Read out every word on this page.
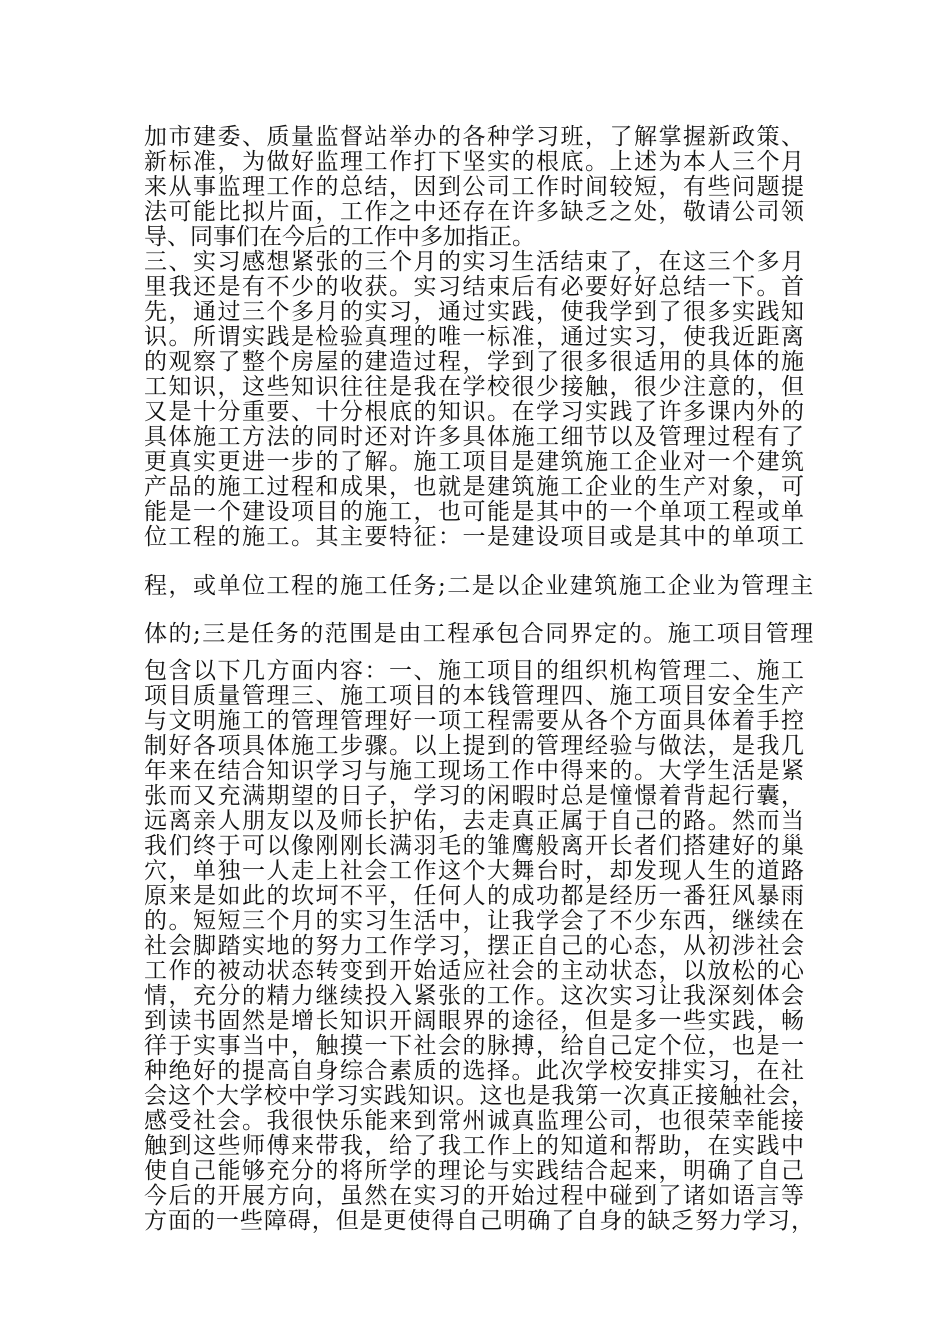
加市建委、质量监督站举办的各种学习班，了解掌握新政策、
新标准，为做好监理工作打下坚实的根底。上述为本人三个月
来从事监理工作的总结，因到公司工作时间较短，有些问题提
法可能比拟片面，工作之中还存在许多缺乏之处，敬请公司领
导、同事们在今后的工作中多加指正。
三、实习感想紧张的三个月的实习生活结束了，在这三个多月
里我还是有不少的收获。实习结束后有必要好好总结一下。首
先，通过三个多月的实习，通过实践，使我学到了很多实践知
识。所谓实践是检验真理的唯一标准，通过实习，使我近距离
的观察了整个房屋的建造过程，学到了很多很适用的具体的施
工知识，这些知识往往是我在学校很少接触，很少注意的，但
又是十分重要、十分根底的知识。在学习实践了许多课内外的
具体施工方法的同时还对许多具体施工细节以及管理过程有了
更真实更进一步的了解。施工项目是建筑施工企业对一个建筑
产品的施工过程和成果，也就是建筑施工企业的生产对象，可
能是一个建设项目的施工，也可能是其中的一个单项工程或单
位工程的施工。其主要特征：一是建设项目或是其中的单项工
程，或单位工程的施工任务;二是以企业建筑施工企业为管理主
体的;三是任务的范围是由工程承包合同界定的。施工项目管理
包含以下几方面内容：一、施工项目的组织机构管理二、施工
项目质量管理三、施工项目的本钱管理四、施工项目安全生产
与文明施工的管理管理好一项工程需要从各个方面具体着手控
制好各项具体施工步骤。以上提到的管理经验与做法，是我几
年来在结合知识学习与施工现场工作中得来的。大学生活是紧
张而又充满期望的日子，学习的闲暇时总是憧憬着背起行囊，
远离亲人朋友以及师长护佑，去走真正属于自己的路。然而当
我们终于可以像刚刚长满羽毛的雏鹰般离开长者们搭建好的巢
穴，单独一人走上社会工作这个大舞台时，却发现人生的道路
原来是如此的坎坷不平，任何人的成功都是经历一番狂风暴雨
的。短短三个月的实习生活中，让我学会了不少东西，继续在
社会脚踏实地的努力工作学习，摆正自己的心态，从初涉社会
工作的被动状态转变到开始适应社会的主动状态，以放松的心
情，充分的精力继续投入紧张的工作。这次实习让我深刻体会
到读书固然是增长知识开阔眼界的途径，但是多一些实践，畅
徉于实事当中，触摸一下社会的脉搏，给自己定个位，也是一
种绝好的提高自身综合素质的选择。此次学校安排实习，在社
会这个大学校中学习实践知识。这也是我第一次真正接触社会，
感受社会。我很快乐能来到常州诚真监理公司，也很荣幸能接
触到这些师傅来带我，给了我工作上的知道和帮助，在实践中
使自己能够充分的将所学的理论与实践结合起来，明确了自己
今后的开展方向，虽然在实习的开始过程中碰到了诸如语言等
方面的一些障碍，但是更使得自己明确了自身的缺乏努力学习，
